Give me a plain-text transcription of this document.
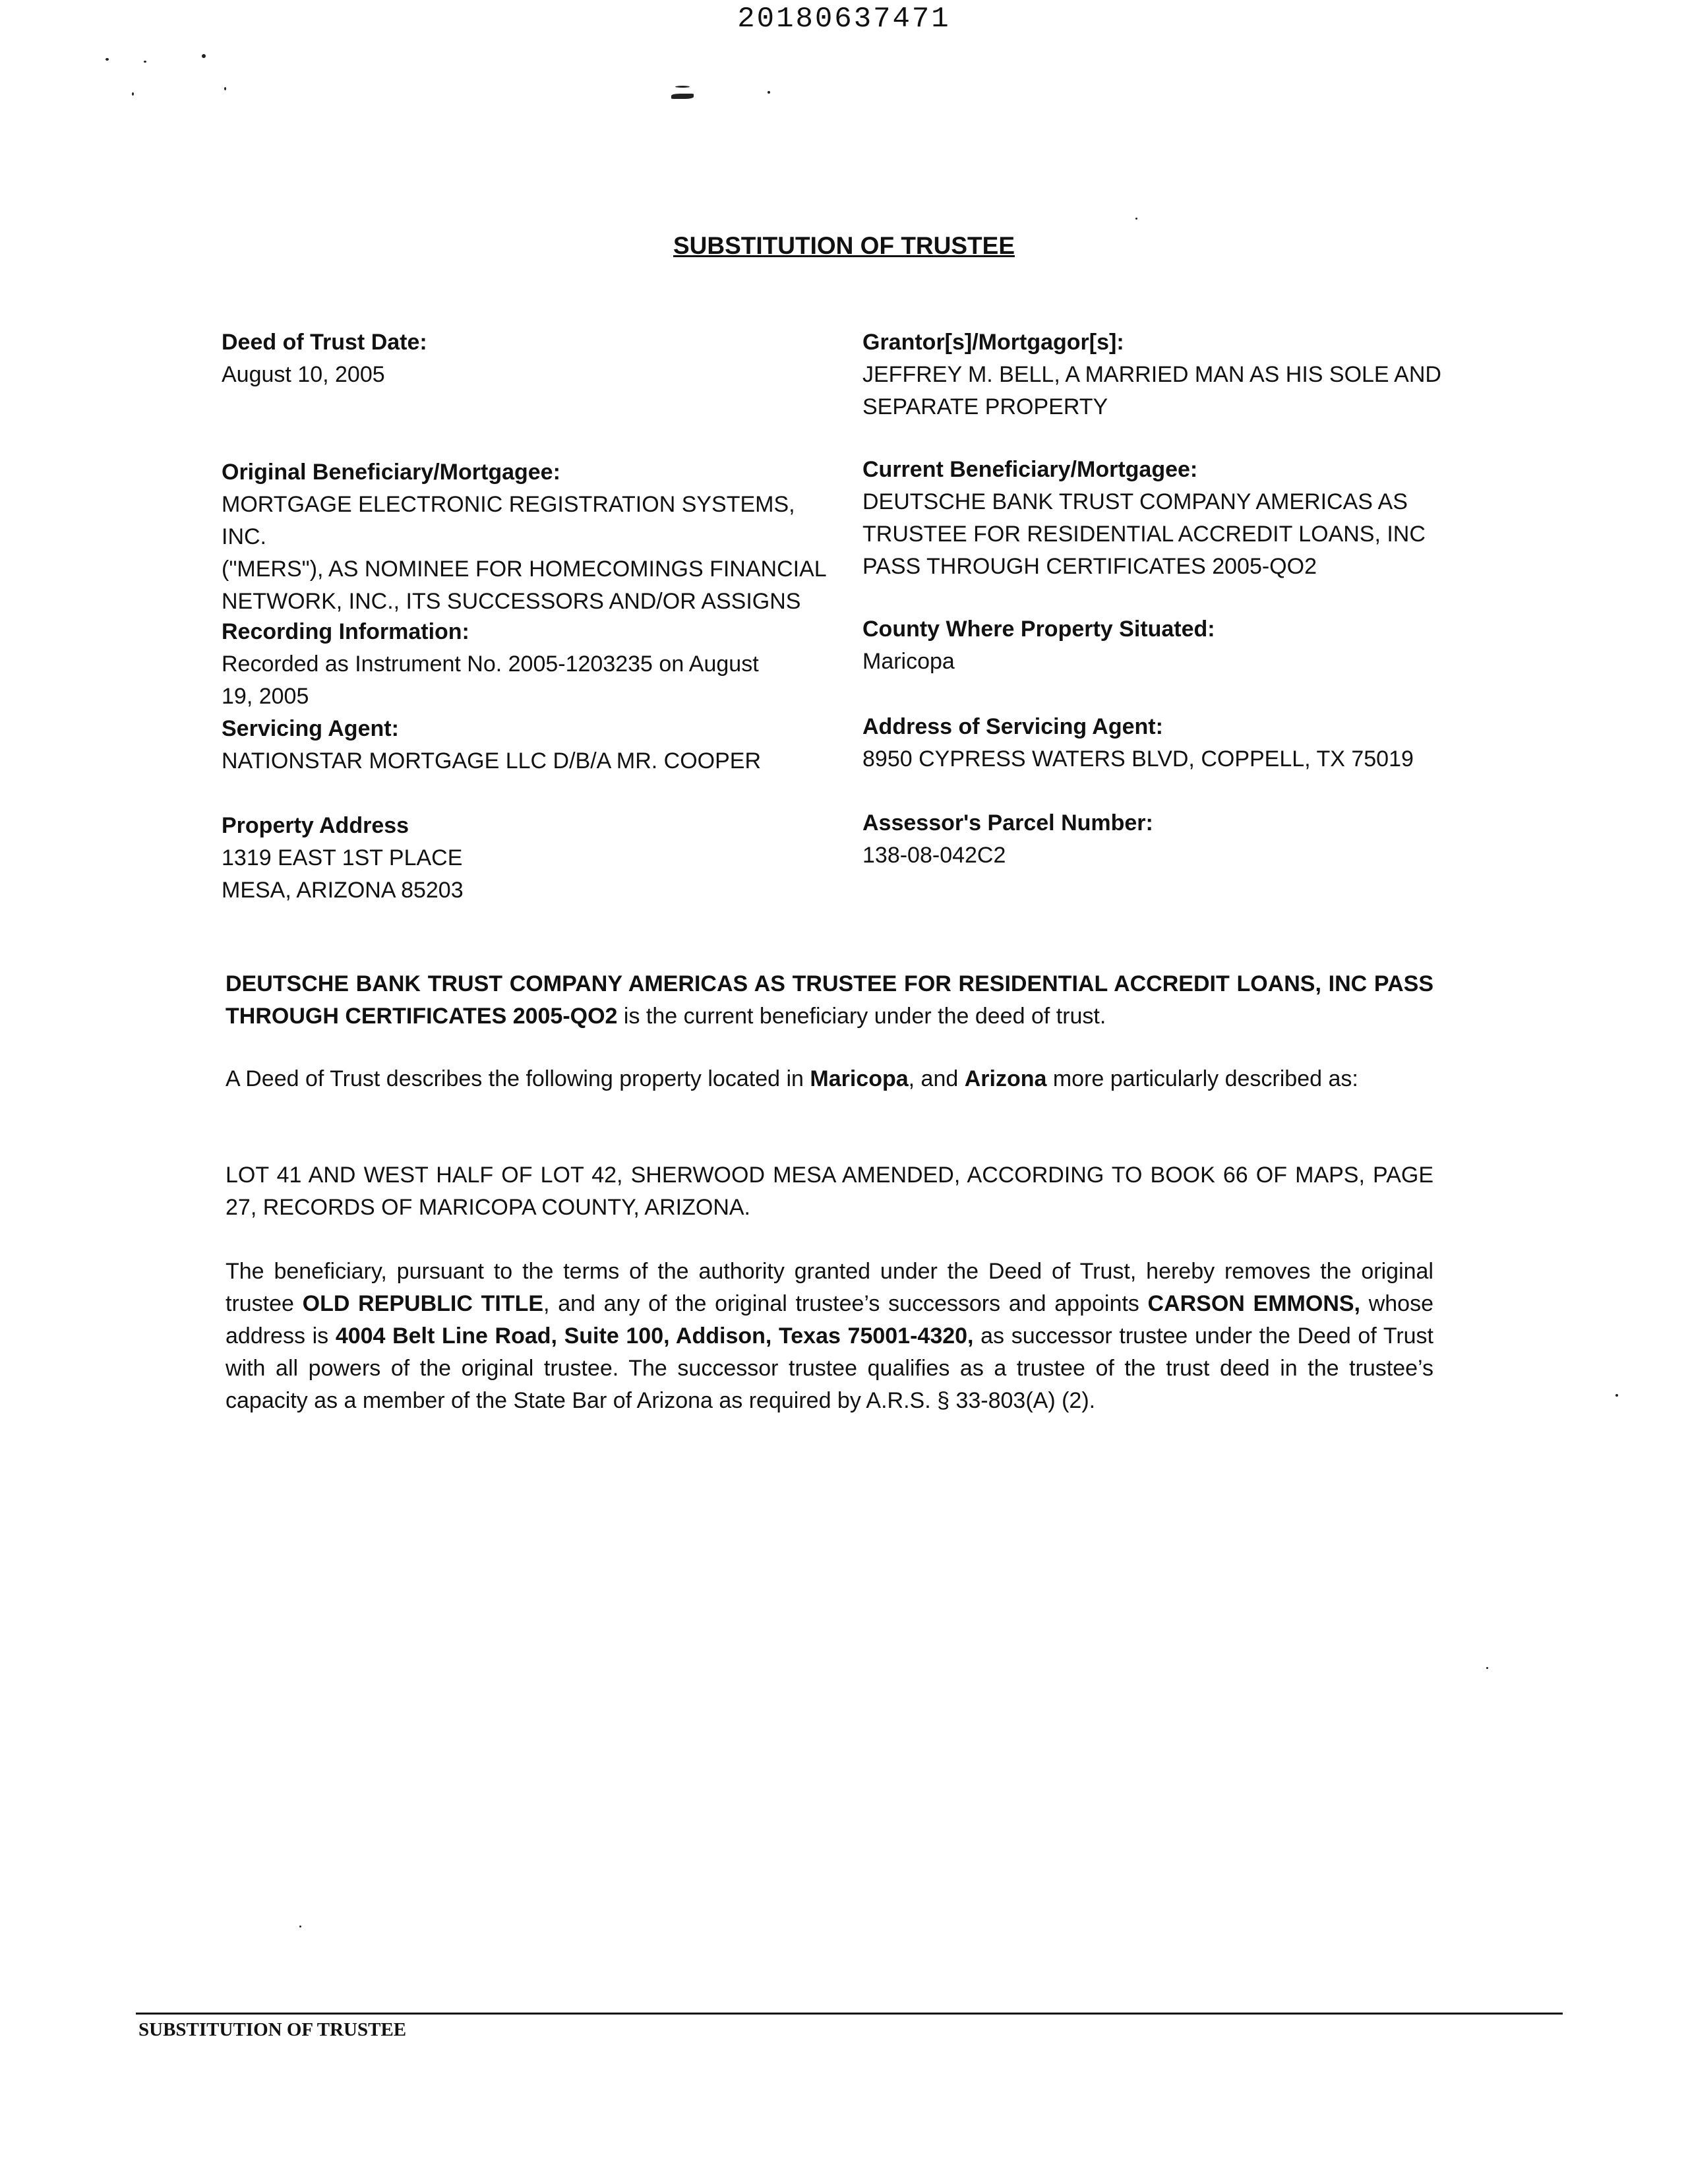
20180637471
SUBSTITUTION OF TRUSTEE
Deed of Trust Date:
August 10, 2005
Grantor[s]/Mortgagor[s]:
JEFFREY M. BELL, A MARRIED MAN AS HIS SOLE AND
SEPARATE PROPERTY
Original Beneficiary/Mortgagee:
MORTGAGE ELECTRONIC REGISTRATION SYSTEMS, INC.
("MERS"), AS NOMINEE FOR HOMECOMINGS FINANCIAL
NETWORK, INC., ITS SUCCESSORS AND/OR ASSIGNS
Current Beneficiary/Mortgagee:
DEUTSCHE BANK TRUST COMPANY AMERICAS AS
TRUSTEE FOR RESIDENTIAL ACCREDIT LOANS, INC
PASS THROUGH CERTIFICATES 2005-QO2
Recording Information:
Recorded as Instrument No. 2005-1203235 on August
19, 2005
Servicing Agent:
NATIONSTAR MORTGAGE LLC D/B/A MR. COOPER
County Where Property Situated:
Maricopa
Address of Servicing Agent:
8950 CYPRESS WATERS BLVD, COPPELL, TX 75019
Property Address
1319 EAST 1ST PLACE
MESA, ARIZONA 85203
Assessor's Parcel Number:
138-08-042C2
DEUTSCHE BANK TRUST COMPANY AMERICAS AS TRUSTEE FOR RESIDENTIAL ACCREDIT LOANS, INC PASS THROUGH CERTIFICATES 2005-QO2 is the current beneficiary under the deed of trust.
A Deed of Trust describes the following property located in Maricopa, and Arizona more particularly described as:
LOT 41 AND WEST HALF OF LOT 42, SHERWOOD MESA AMENDED, ACCORDING TO BOOK 66 OF MAPS, PAGE 27, RECORDS OF MARICOPA COUNTY, ARIZONA.
The beneficiary, pursuant to the terms of the authority granted under the Deed of Trust, hereby removes the original trustee OLD REPUBLIC TITLE, and any of the original trustee’s successors and appoints CARSON EMMONS, whose address is 4004 Belt Line Road, Suite 100, Addison, Texas 75001-4320, as successor trustee under the Deed of Trust with all powers of the original trustee. The successor trustee qualifies as a trustee of the trust deed in the trustee’s capacity as a member of the State Bar of Arizona as required by A.R.S. § 33-803(A) (2).
SUBSTITUTION OF TRUSTEE
